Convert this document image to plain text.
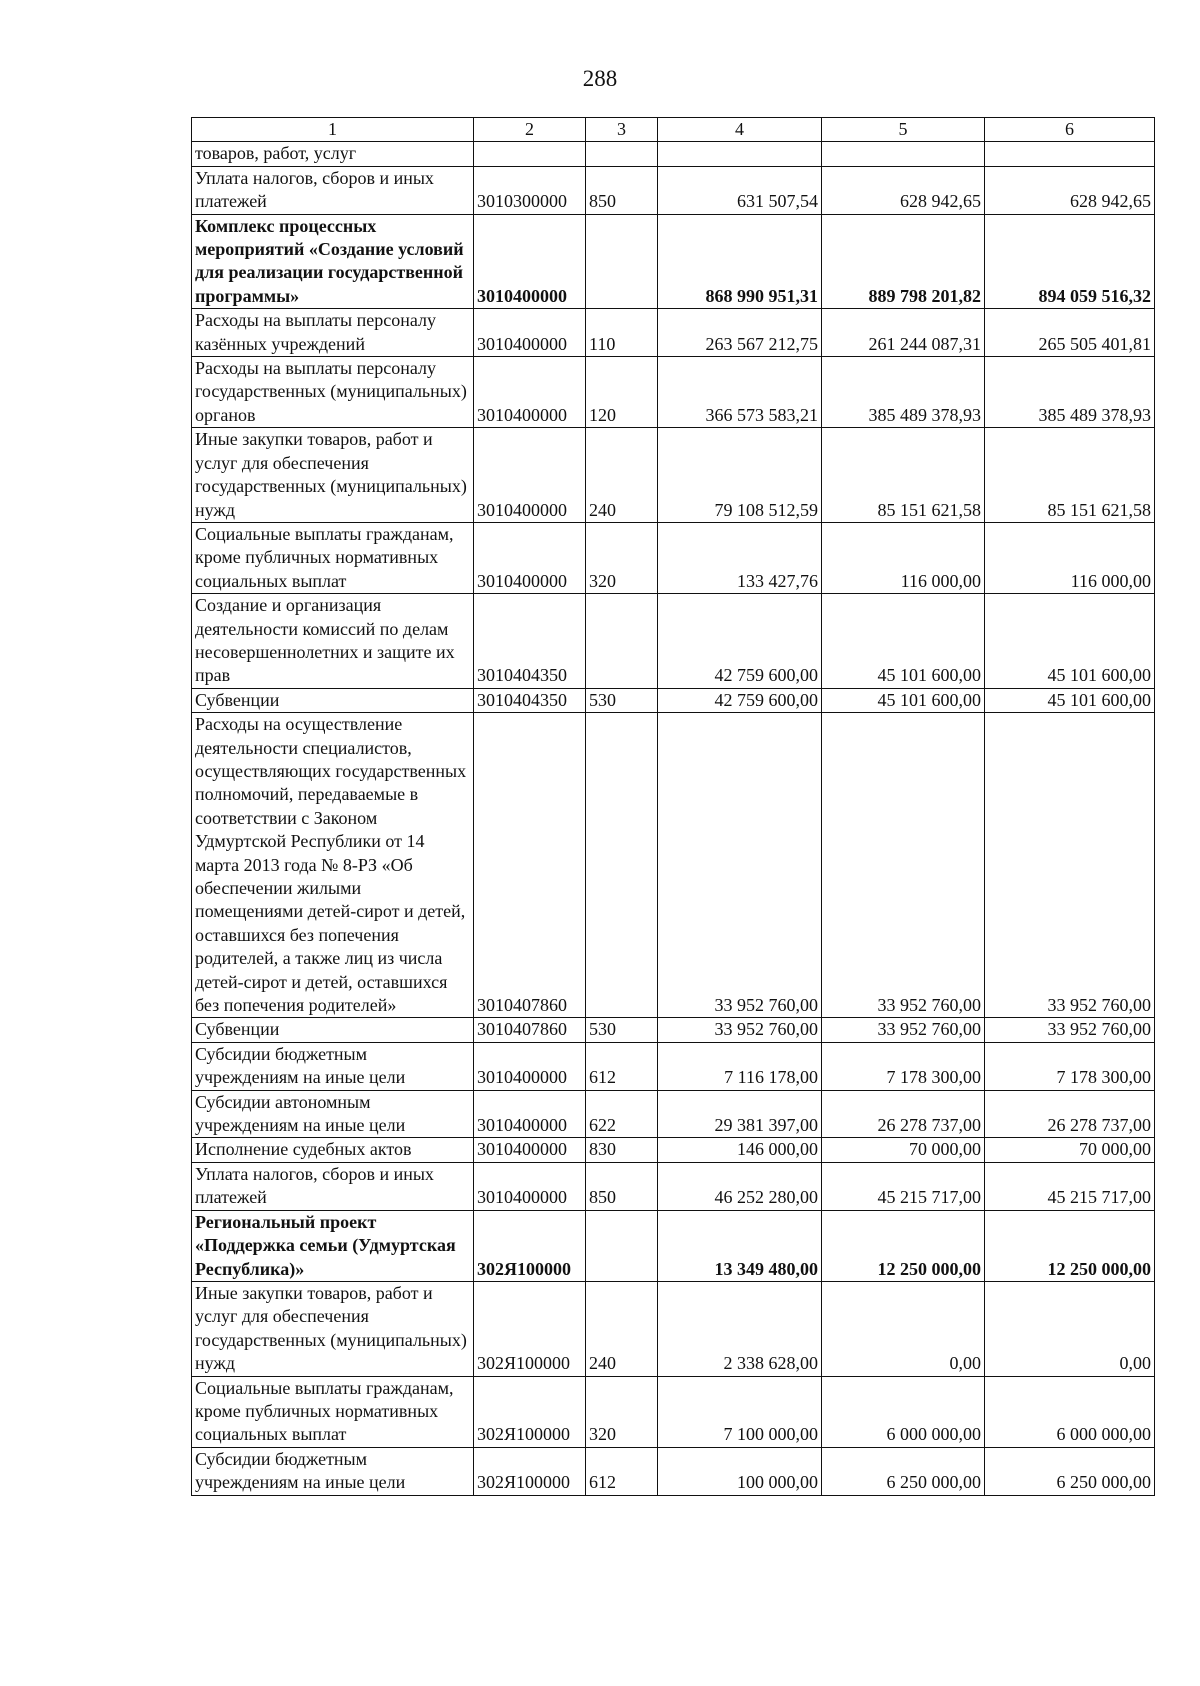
288
1	2	3	4	5	6
товаров, работ, услуг					
Уплата налогов, сборов и иных платежей	3010300000	850	631 507,54	628 942,65	628 942,65
Комплекс процессных мероприятий «Создание условий для реализации государственной программы»	3010400000		868 990 951,31	889 798 201,82	894 059 516,32
Расходы на выплаты персоналу казённых учреждений	3010400000	110	263 567 212,75	261 244 087,31	265 505 401,81
Расходы на выплаты персоналу государственных (муниципальных) органов	3010400000	120	366 573 583,21	385 489 378,93	385 489 378,93
Иные закупки товаров, работ и услуг для обеспечения государственных (муниципальных) нужд	3010400000	240	79 108 512,59	85 151 621,58	85 151 621,58
Социальные выплаты гражданам, кроме публичных нормативных социальных выплат	3010400000	320	133 427,76	116 000,00	116 000,00
Создание и организация деятельности комиссий по делам несовершеннолетних и защите их прав	3010404350		42 759 600,00	45 101 600,00	45 101 600,00
Субвенции	3010404350	530	42 759 600,00	45 101 600,00	45 101 600,00
Расходы на осуществление деятельности специалистов, осуществляющих государственных полномочий, передаваемые в соответствии с Законом Удмуртской Республики от 14 марта 2013 года № 8-РЗ «Об обеспечении жилыми помещениями детей-сирот и детей, оставшихся без попечения родителей, а также лиц из числа детей-сирот и детей, оставшихся без попечения родителей»	3010407860		33 952 760,00	33 952 760,00	33 952 760,00
Субвенции	3010407860	530	33 952 760,00	33 952 760,00	33 952 760,00
Субсидии бюджетным учреждениям на иные цели	3010400000	612	7 116 178,00	7 178 300,00	7 178 300,00
Субсидии автономным учреждениям на иные цели	3010400000	622	29 381 397,00	26 278 737,00	26 278 737,00
Исполнение судебных актов	3010400000	830	146 000,00	70 000,00	70 000,00
Уплата налогов, сборов и иных платежей	3010400000	850	46 252 280,00	45 215 717,00	45 215 717,00
Региональный проект «Поддержка семьи (Удмуртская Республика)»	302Я100000		13 349 480,00	12 250 000,00	12 250 000,00
Иные закупки товаров, работ и услуг для обеспечения государственных (муниципальных) нужд	302Я100000	240	2 338 628,00	0,00	0,00
Социальные выплаты гражданам, кроме публичных нормативных социальных выплат	302Я100000	320	7 100 000,00	6 000 000,00	6 000 000,00
Субсидии бюджетным учреждениям на иные цели	302Я100000	612	100 000,00	6 250 000,00	6 250 000,00
